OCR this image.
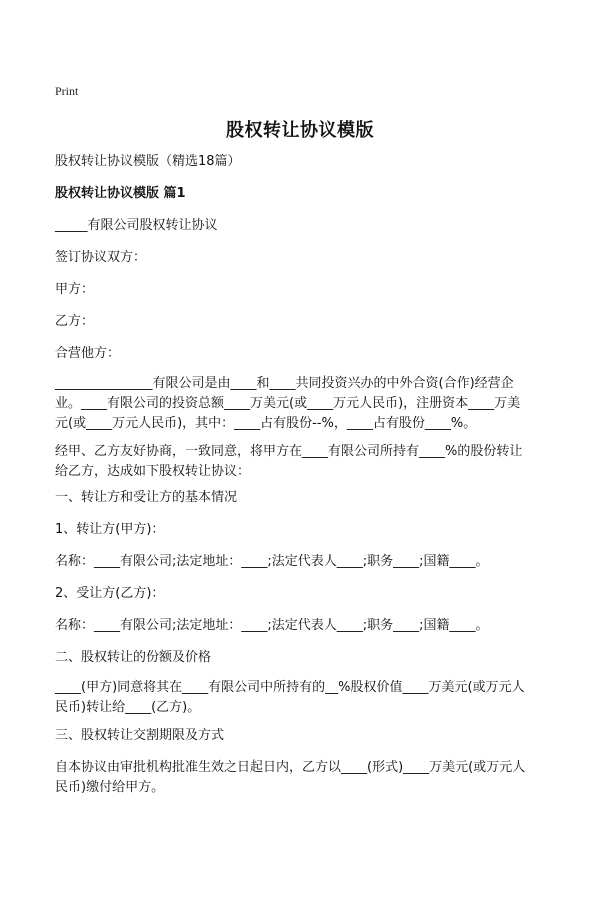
Print
股权转让协议模版
股权转让协议模版（精选18篇）
股权转让协议模版 篇1
_____有限公司股权转让协议
签订协议双方：
甲方：
乙方：
合营他方：
_______________有限公司是由____和____共同投资兴办的中外合资(合作)经营企
业。____有限公司的投资总额____万美元(或____万元人民币)，注册资本____万美
元(或____万元人民币)，其中：____占有股份--%，____占有股份____%。
经甲、乙方友好协商，一致同意，将甲方在____有限公司所持有____%的股份转让
给乙方，达成如下股权转让协议：
一、转让方和受让方的基本情况
1、转让方(甲方)：
名称：____有限公司;法定地址：____;法定代表人____;职务____;国籍____。
2、受让方(乙方)：
名称：____有限公司;法定地址：____;法定代表人____;职务____;国籍____。
二、股权转让的份额及价格
____(甲方)同意将其在____有限公司中所持有的__%股权价值____万美元(或万元人
民币)转让给____(乙方)。
三、股权转让交割期限及方式
自本协议由审批机构批准生效之日起日内，乙方以____(形式)____万美元(或万元人
民币)缴付给甲方。
